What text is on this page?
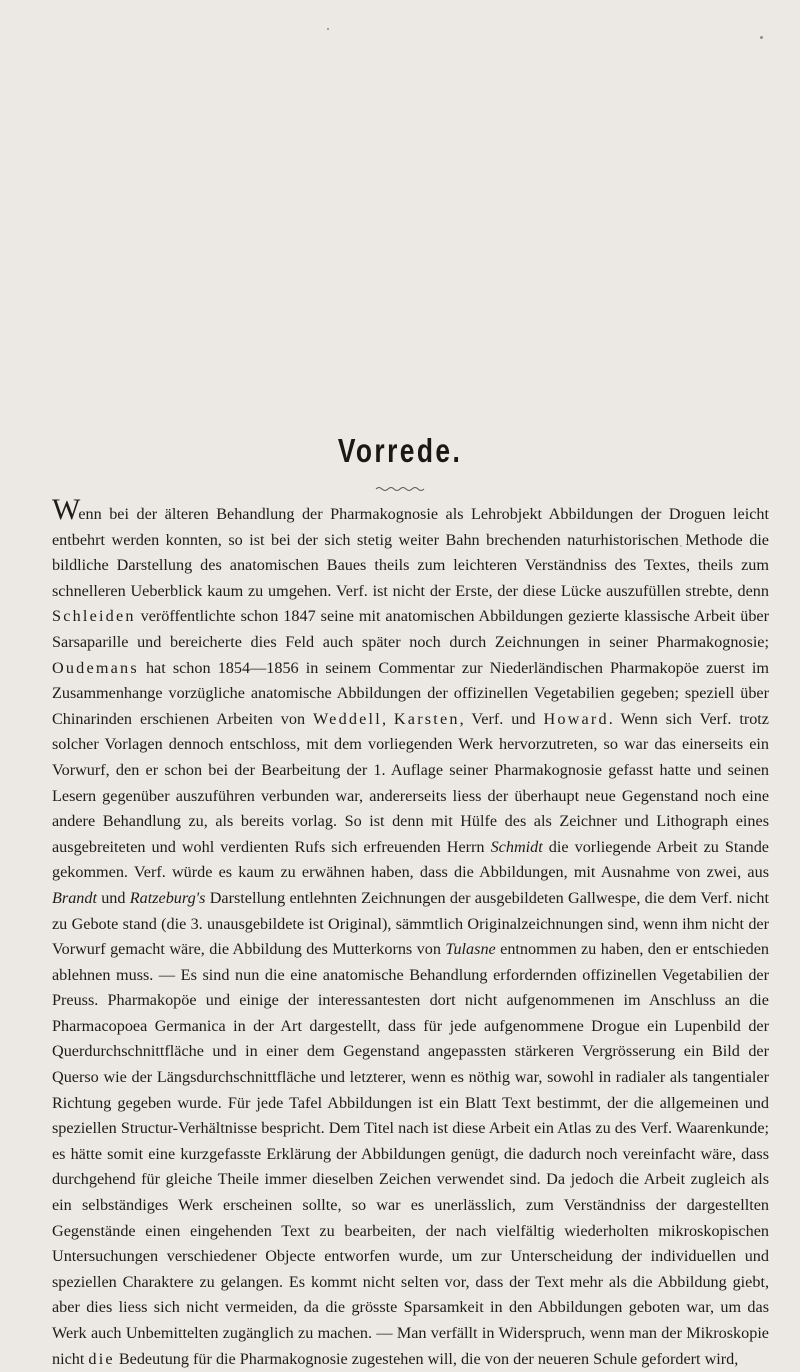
Vorrede.

Wenn bei der älteren Behandlung der Pharmakognosie als Lehrobjekt Abbildungen der Droguen leicht entbehrt werden konnten, so ist bei der sich stetig weiter Bahn brechenden naturhistorischen Methode die bildliche Darstellung des anatomischen Baues theils zum leichteren Verständniss des Textes, theils zum schnelleren Ueberblick kaum zu umgehen. Verf. ist nicht der Erste, der diese Lücke auszufüllen strebte, denn Schleiden veröffentlichte schon 1847 seine mit anatomischen Abbildungen gezierte klassische Arbeit über Sarsaparille und bereicherte dies Feld auch später noch durch Zeichnungen in seiner Pharmakognosie; Oudemans hat schon 1854—1856 in seinem Commentar zur Niederländischen Pharmakopöe zuerst im Zusammenhange vorzügliche anatomische Abbildungen der offizinellen Vegetabilien gegeben; speziell über Chinarinden erschienen Arbeiten von Weddell, Karsten, Verf. und Howard. Wenn sich Verf. trotz solcher Vorlagen dennoch entschloss, mit dem vorliegenden Werk hervorzutreten, so war das einerseits ein Vorwurf, den er schon bei der Bearbeitung der 1. Auflage seiner Pharmakognosie gefasst hatte und seinen Lesern gegenüber auszuführen verbunden war, andererseits liess der überhaupt neue Gegenstand noch eine andere Behandlung zu, als bereits vorlag. So ist denn mit Hülfe des als Zeichner und Lithograph eines ausgebreiteten und wohl verdienten Rufs sich erfreuenden Herrn Schmidt die vorliegende Arbeit zu Stande gekommen. Verf. würde es kaum zu erwähnen haben, dass die Abbildungen, mit Ausnahme von zwei, aus Brandt und Ratzeburg's Darstellung entlehnten Zeichnungen der ausgebildeten Gallwespe, die dem Verf. nicht zu Gebote stand (die 3. unausgebildete ist Original), sämmtlich Originalzeichnungen sind, wenn ihm nicht der Vorwurf gemacht wäre, die Abbildung des Mutterkorns von Tulasne entnommen zu haben, den er entschieden ablehnen muss. — Es sind nun die eine anatomische Behandlung erfordernden offizinellen Vegetabilien der Preuss. Pharmakopöe und einige der interessantesten dort nicht aufgenommenen im Anschluss an die Pharmacopoea Germanica in der Art dargestellt, dass für jede aufgenommene Drogue ein Lupenbild der Querdurchschnittfläche und in einer dem Gegenstand angepassten stärkeren Vergrösserung ein Bild der Querso wie der Längsdurchschnittfläche und letzterer, wenn es nöthig war, sowohl in radialer als tangentialer Richtung gegeben wurde. Für jede Tafel Abbildungen ist ein Blatt Text bestimmt, der die allgemeinen und speziellen Structur-Verhältnisse bespricht. Dem Titel nach ist diese Arbeit ein Atlas zu des Verf. Waarenkunde; es hätte somit eine kurzgefasste Erklärung der Abbildungen genügt, die dadurch noch vereinfacht wäre, dass durchgehend für gleiche Theile immer dieselben Zeichen verwendet sind. Da jedoch die Arbeit zugleich als ein selbständiges Werk erscheinen sollte, so war es unerlässlich, zum Verständniss der dargestellten Gegenstände einen eingehenden Text zu bearbeiten, der nach vielfältig wiederholten mikroskopischen Untersuchungen verschiedener Objecte entworfen wurde, um zur Unterscheidung der individuellen und speziellen Charaktere zu gelangen. Es kommt nicht selten vor, dass der Text mehr als die Abbildung giebt, aber dies liess sich nicht vermeiden, da die grösste Sparsamkeit in den Abbildungen geboten war, um das Werk auch Unbemittelten zugänglich zu machen. — Man verfällt in Widerspruch, wenn man der Mikroskopie nicht die Bedeutung für die Pharmakognosie zugestehen will, die von der neueren Schule gefordert wird,
